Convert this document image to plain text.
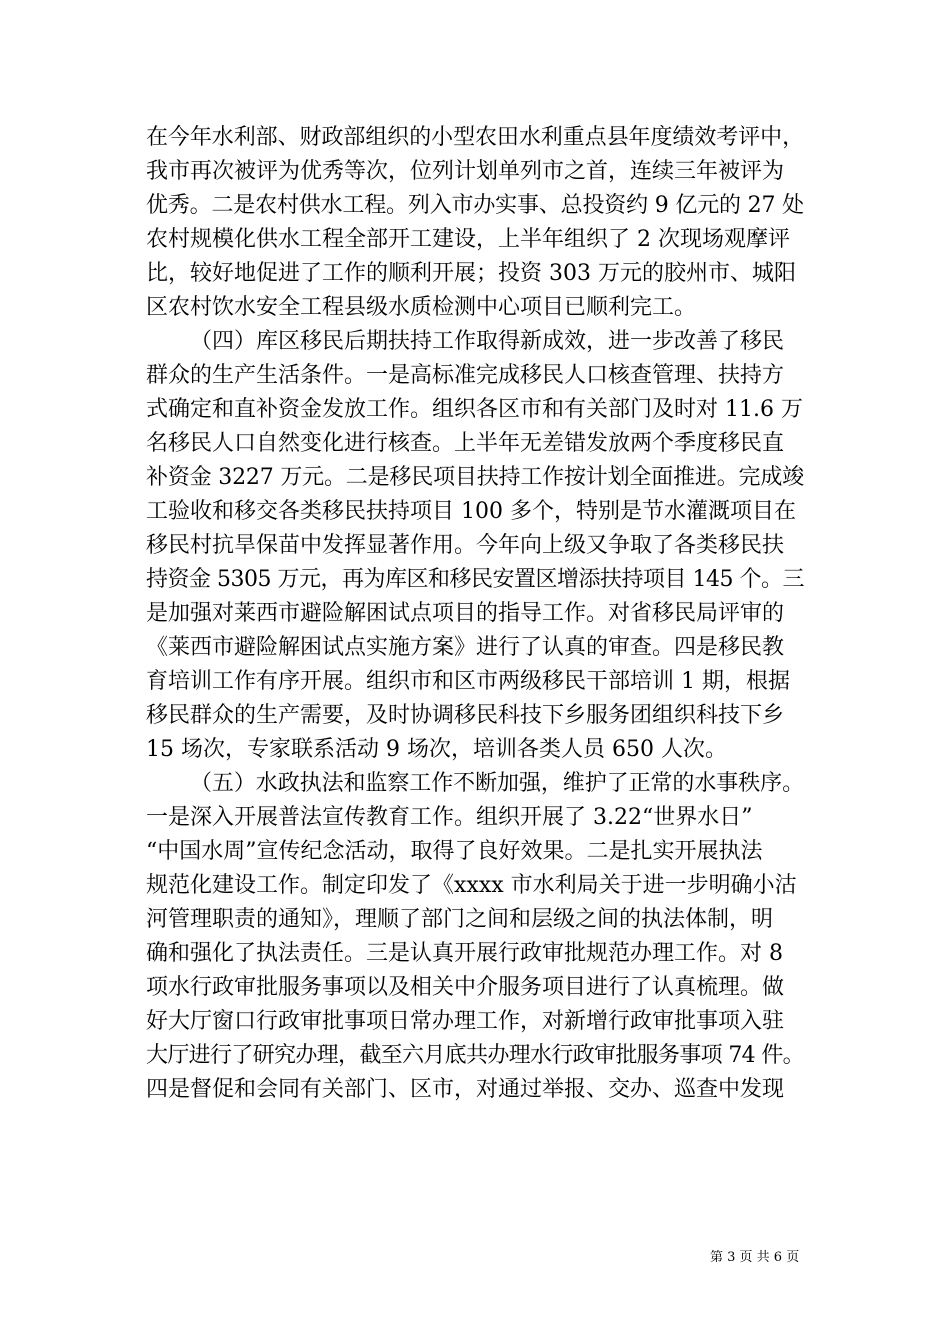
在今年水利部、财政部组织的小型农田水利重点县年度绩效考评中，
我市再次被评为优秀等次，位列计划单列市之首，连续三年被评为
优秀。二是农村供水工程。列入市办实事、总投资约 9 亿元的 27 处
农村规模化供水工程全部开工建设，上半年组织了 2 次现场观摩评
比，较好地促进了工作的顺利开展；投资 303 万元的胶州市、城阳
区农村饮水安全工程县级水质检测中心项目已顺利完工。
（四）库区移民后期扶持工作取得新成效，进一步改善了移民
群众的生产生活条件。一是高标准完成移民人口核查管理、扶持方
式确定和直补资金发放工作。组织各区市和有关部门及时对 11.6 万
名移民人口自然变化进行核查。上半年无差错发放两个季度移民直
补资金 3227 万元。二是移民项目扶持工作按计划全面推进。完成竣
工验收和移交各类移民扶持项目 100 多个，特别是节水灌溉项目在
移民村抗旱保苗中发挥显著作用。今年向上级又争取了各类移民扶
持资金 5305 万元，再为库区和移民安置区增添扶持项目 145 个。三
是加强对莱西市避险解困试点项目的指导工作。对省移民局评审的
《莱西市避险解困试点实施方案》进行了认真的审查。四是移民教
育培训工作有序开展。组织市和区市两级移民干部培训 1 期，根据
移民群众的生产需要，及时协调移民科技下乡服务团组织科技下乡
15 场次，专家联系活动 9 场次，培训各类人员 650 人次。
（五）水政执法和监察工作不断加强，维护了正常的水事秩序。
一是深入开展普法宣传教育工作。组织开展了 3.22“世界水日”
“中国水周”宣传纪念活动，取得了良好效果。二是扎实开展执法
规范化建设工作。制定印发了《xxxx 市水利局关于进一步明确小沽
河管理职责的通知》，理顺了部门之间和层级之间的执法体制，明
确和强化了执法责任。三是认真开展行政审批规范办理工作。对 8
项水行政审批服务事项以及相关中介服务项目进行了认真梳理。做
好大厅窗口行政审批事项日常办理工作，对新增行政审批事项入驻
大厅进行了研究办理，截至六月底共办理水行政审批服务事项 74 件。
四是督促和会同有关部门、区市，对通过举报、交办、巡查中发现
第 3 页 共 6 页
